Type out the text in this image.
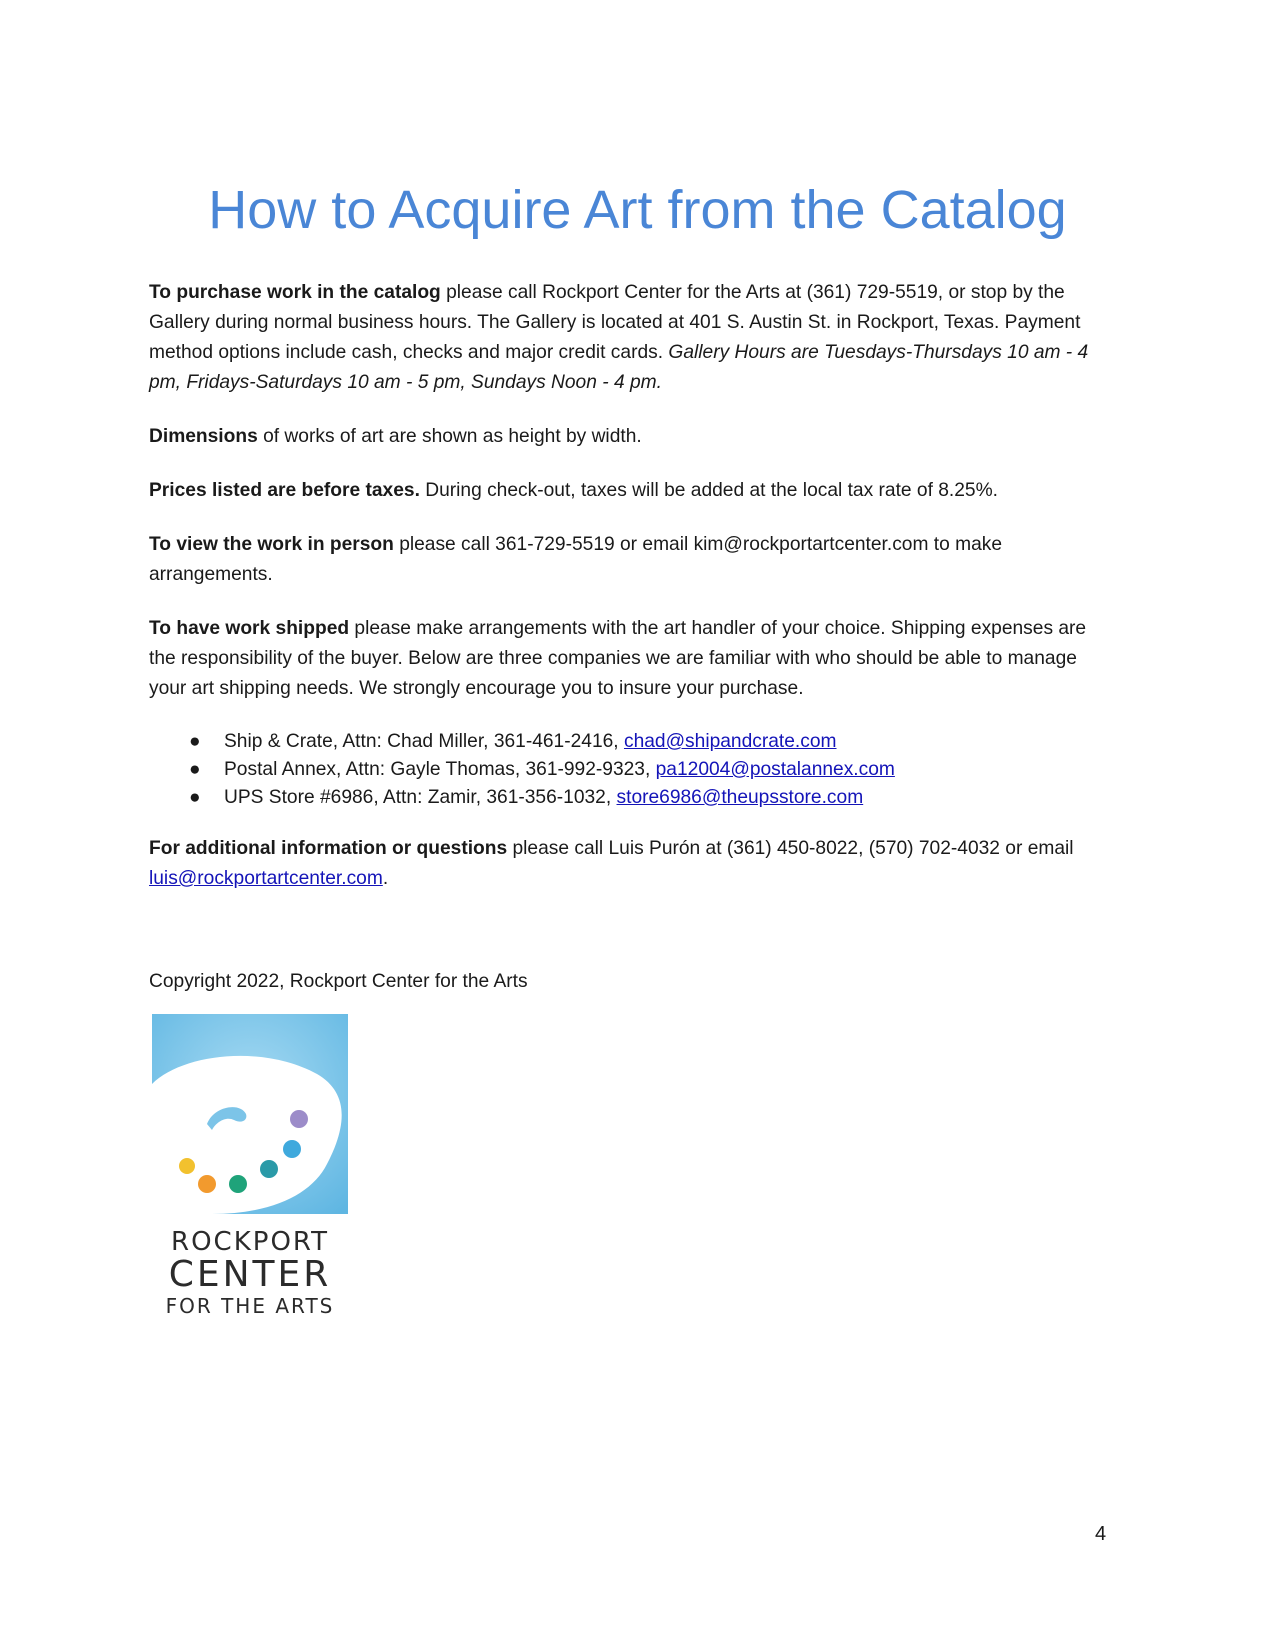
How to Acquire Art from the Catalog

To purchase work in the catalog please call Rockport Center for the Arts at (361) 729-5519, or stop by the Gallery during normal business hours. The Gallery is located at 401 S. Austin St. in Rockport, Texas. Payment method options include cash, checks and major credit cards. Gallery Hours are Tuesdays-Thursdays 10 am - 4 pm, Fridays-Saturdays 10 am - 5 pm, Sundays Noon - 4 pm.

Dimensions of works of art are shown as height by width.

Prices listed are before taxes. During check-out, taxes will be added at the local tax rate of 8.25%.

To view the work in person please call 361-729-5519 or email kim@rockportartcenter.com to make arrangements.

To have work shipped please make arrangements with the art handler of your choice. Shipping expenses are the responsibility of the buyer. Below are three companies we are familiar with who should be able to manage your art shipping needs. We strongly encourage you to insure your purchase.

● Ship & Crate, Attn: Chad Miller, 361-461-2416, chad@shipandcrate.com
● Postal Annex, Attn: Gayle Thomas, 361-992-9323, pa12004@postalannex.com
● UPS Store #6986, Attn: Zamir, 361-356-1032, store6986@theupsstore.com

For additional information or questions please call Luis Purón at (361) 450-8022, (570) 702-4032 or email luis@rockportartcenter.com.

Copyright 2022, Rockport Center for the Arts
ROCKPORT
CENTER
FOR THE ARTS
4
